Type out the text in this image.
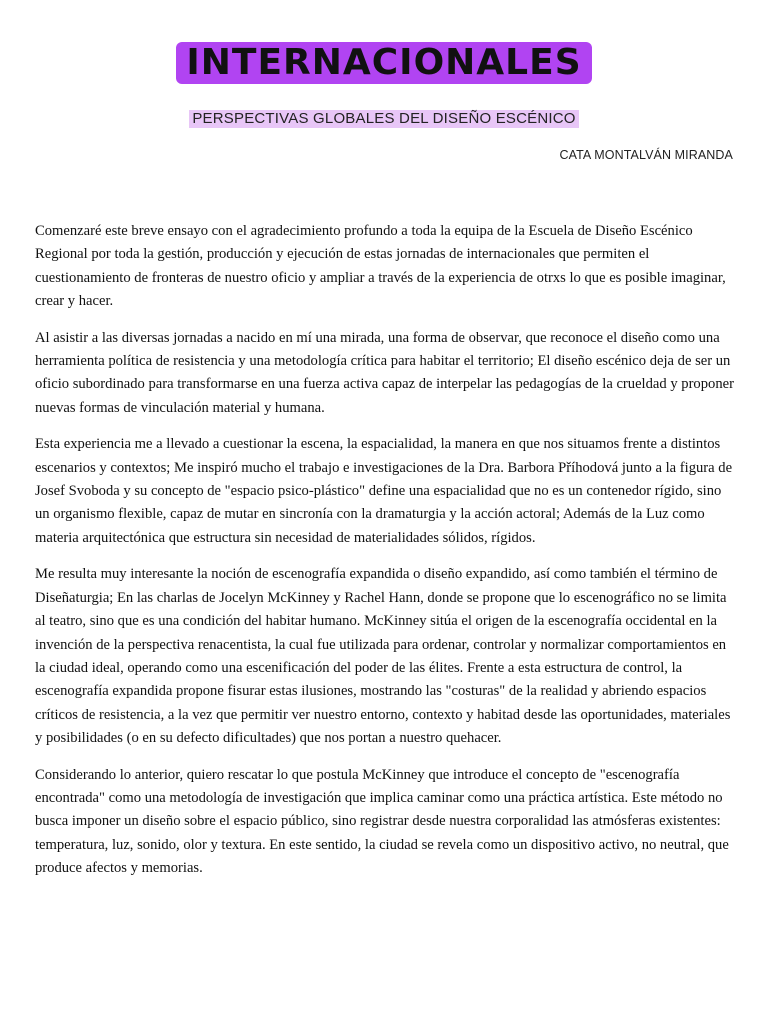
INTERNACIONALES
PERSPECTIVAS GLOBALES DEL DISEÑO ESCÉNICO
CATA MONTALVÁN MIRANDA

Comenzaré este breve ensayo con el agradecimiento profundo a toda la equipa de la Escuela de Diseño Escénico Regional por toda la gestión, producción y ejecución de estas jornadas de internacionales que permiten el cuestionamiento de fronteras de nuestro oficio y ampliar a través de la experiencia de otrxs lo que es posible imaginar, crear y hacer.

Al asistir a las diversas jornadas a nacido en mí una mirada, una forma de observar, que reconoce el diseño como una herramienta política de resistencia y una metodología crítica para habitar el territorio; El diseño escénico deja de ser un oficio subordinado para transformarse en una fuerza activa capaz de interpelar las pedagogías de la crueldad y proponer nuevas formas de vinculación material y humana.

Esta experiencia me a llevado a cuestionar la escena, la espacialidad, la manera en que nos situamos frente a distintos escenarios y contextos; Me inspiró mucho el trabajo e investigaciones de la Dra. Barbora Příhodová junto a la figura de Josef Svoboda y su concepto de "espacio psico-plástico" define una espacialidad que no es un contenedor rígido, sino un organismo flexible, capaz de mutar en sincronía con la dramaturgia y la acción actoral; Además de la Luz como materia arquitectónica que estructura sin necesidad de materialidades sólidos, rígidos.

Me resulta muy interesante la noción de escenografía expandida o diseño expandido, así como también el término de Diseñaturgia; En las charlas de Jocelyn McKinney y Rachel Hann, donde se propone que lo escenográfico no se limita al teatro, sino que es una condición del habitar humano. McKinney sitúa el origen de la escenografía occidental en la invención de la perspectiva renacentista, la cual fue utilizada para ordenar, controlar y normalizar comportamientos en la ciudad ideal, operando como una escenificación del poder de las élites. Frente a esta estructura de control, la escenografía expandida propone fisurar estas ilusiones, mostrando las "costuras" de la realidad y abriendo espacios críticos de resistencia, a la vez que permitir ver nuestro entorno, contexto y habitad desde las oportunidades, materiales y posibilidades (o en su defecto dificultades) que nos portan a nuestro quehacer.

Considerando lo anterior, quiero rescatar lo que postula McKinney que introduce el concepto de "escenografía encontrada" como una metodología de investigación que implica caminar como una práctica artística. Este método no busca imponer un diseño sobre el espacio público, sino registrar desde nuestra corporalidad las atmósferas existentes: temperatura, luz, sonido, olor y textura. En este sentido, la ciudad se revela como un dispositivo activo, no neutral, que produce afectos y memorias.
